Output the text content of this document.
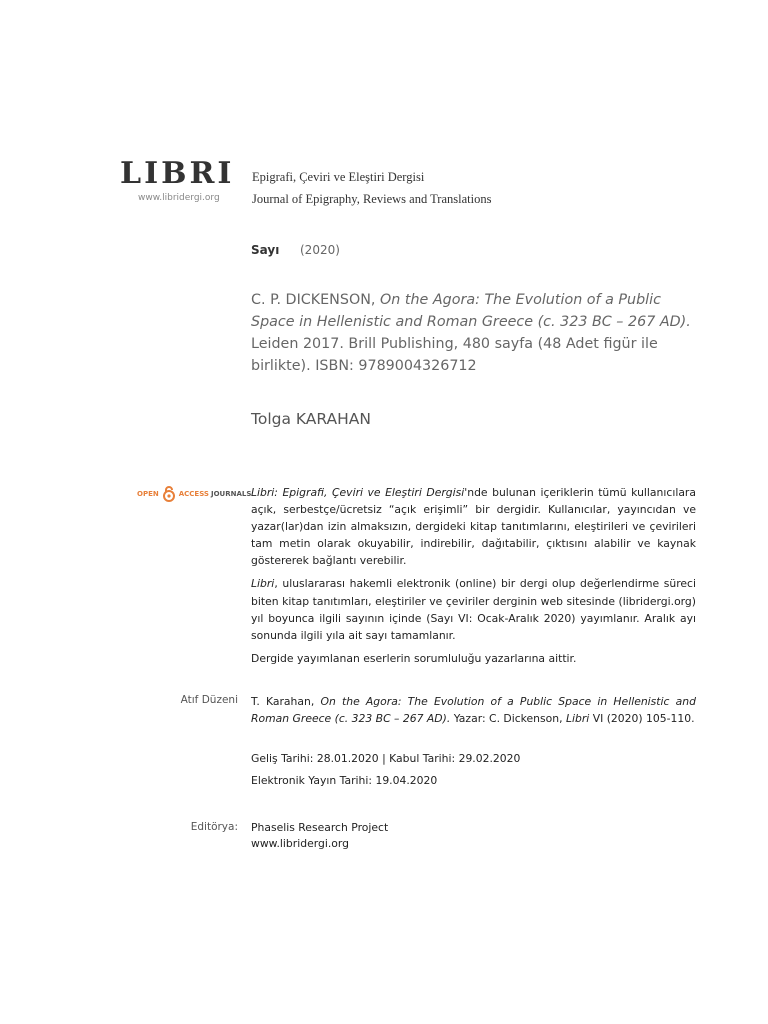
LIBRI
www.libridergi.org
Epigrafi, Çeviri ve Eleştiri Dergisi
Journal of Epigraphy, Reviews and Translations
Sayı (2020)
C. P. DICKENSON, On the Agora: The Evolution of a Public Space in Hellenistic and Roman Greece (c. 323 BC – 267 AD). Leiden 2017. Brill Publishing, 480 sayfa (48 Adet figür ile birlikte). ISBN: 9789004326712
Tolga KARAHAN
OPEN	ACCESS JOURNALS Libri: Epigrafi, Çeviri ve Eleştiri Dergisi'nde bulunan içeriklerin tümü kullanıcılara açık, serbestçe/ücretsiz “açık erişimli” bir dergidir. Kullanıcılar, yayıncıdan ve yazar(lar)dan izin almaksızın, dergideki kitap tanıtımlarını, eleştirileri ve çevirileri tam metin olarak okuyabilir, indirebilir, dağıtabilir, çıktısını alabilir ve kaynak göstererek bağlantı verebilir.

Libri, uluslararası hakemli elektronik (online) bir dergi olup değerlendirme süreci biten kitap tanıtımları, eleştiriler ve çeviriler derginin web sitesinde (libridergi.org) yıl boyunca ilgili sayının içinde (Sayı VI: Ocak-Aralık 2020) yayımlanır. Aralık ayı sonunda ilgili yıla ait sayı tamamlanır.

Dergide yayımlanan eserlerin sorumluluğu yazarlarına aittir.

Atıf Düzeni T. Karahan, On the Agora: The Evolution of a Public Space in Hellenistic and Roman Greece (c. 323 BC – 267 AD). Yazar: C. Dickenson, Libri VI (2020) 105-110.
Geliş Tarihi: 28.01.2020 | Kabul Tarihi: 29.02.2020
Elektronik Yayın Tarihi: 19.04.2020
Editörya: Phaselis Research Project
www.libridergi.org
